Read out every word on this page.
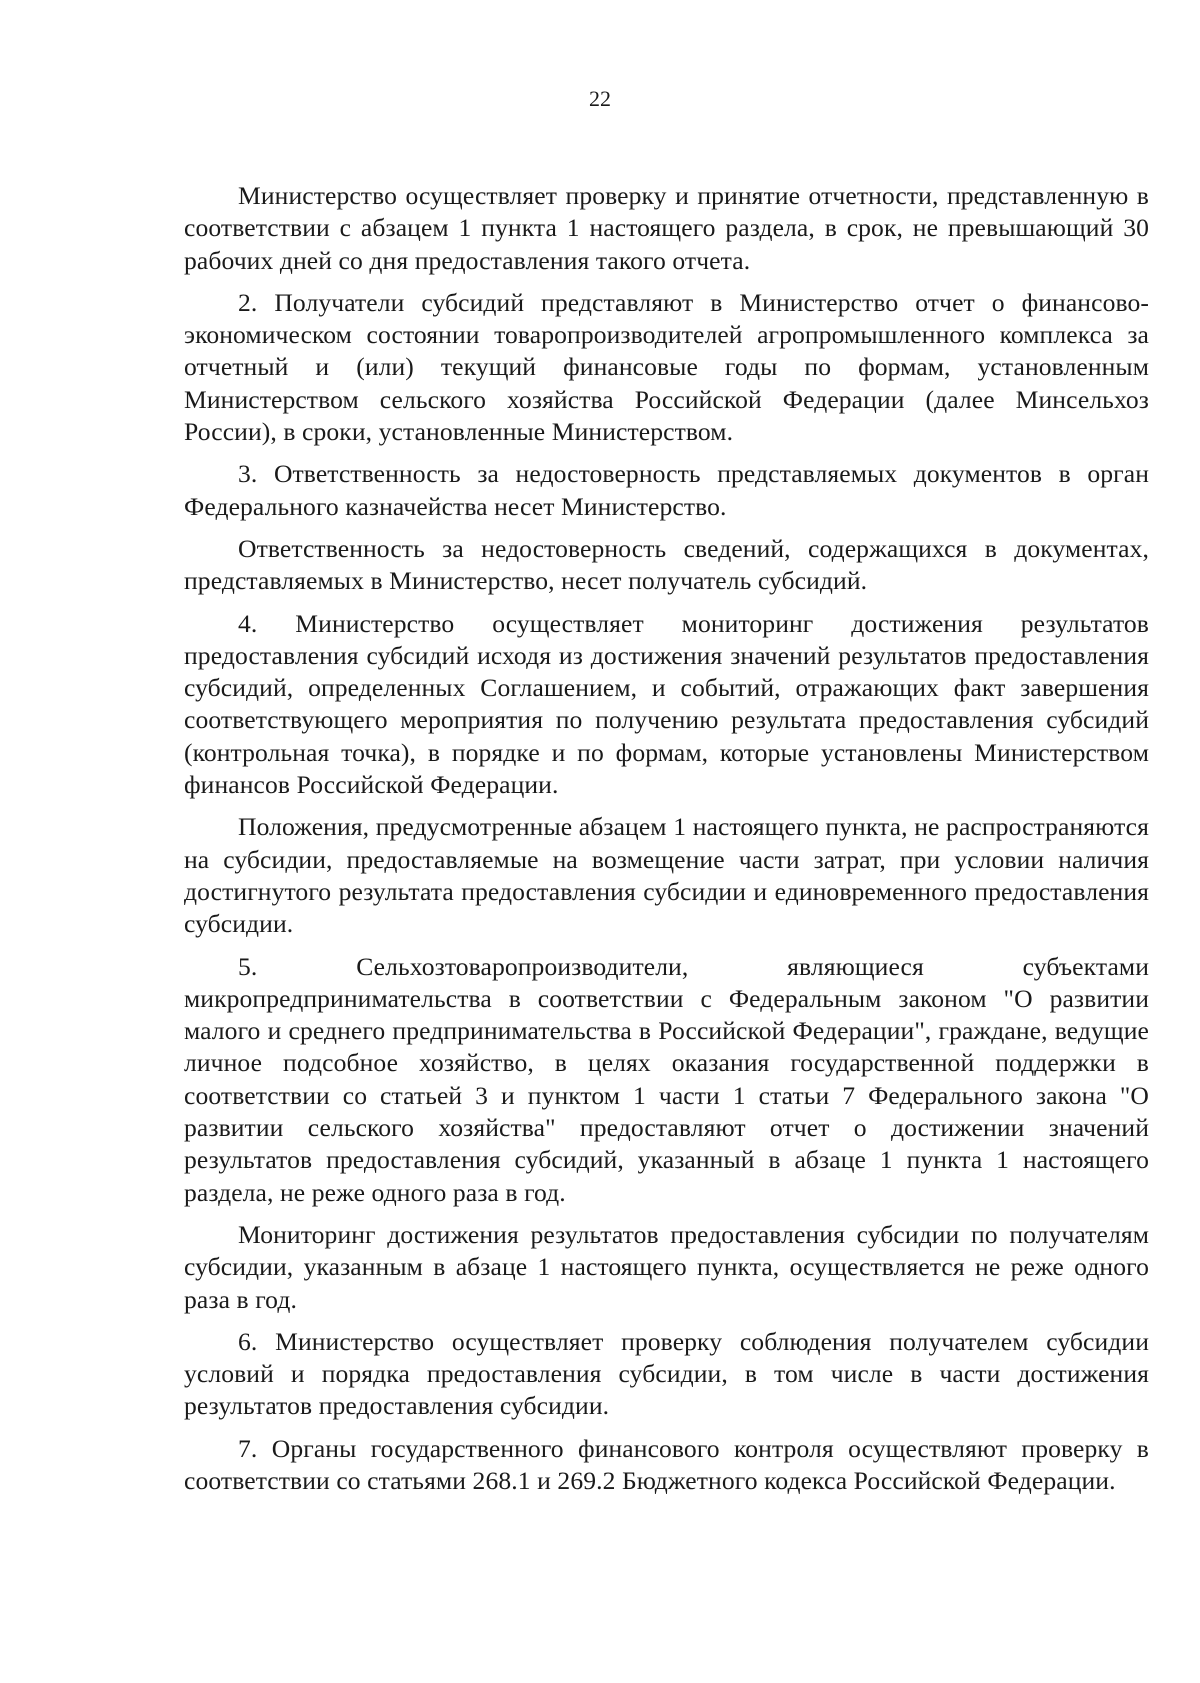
22

Министерство осуществляет проверку и принятие отчетности, представленную в соответствии с абзацем 1 пункта 1 настоящего раздела, в срок, не превышающий 30 рабочих дней со дня предоставления такого отчета.

2. Получатели субсидий представляют в Министерство отчет о финансово-экономическом состоянии товаропроизводителей агропромышленного комплекса за отчетный и (или) текущий финансовые годы по формам, установленным Министерством сельского хозяйства Российской Федерации (далее Минсельхоз России), в сроки, установленные Министерством.

3. Ответственность за недостоверность представляемых документов в орган Федерального казначейства несет Министерство.

Ответственность за недостоверность сведений, содержащихся в документах, представляемых в Министерство, несет получатель субсидий.

4. Министерство осуществляет мониторинг достижения результатов предоставления субсидий исходя из достижения значений результатов предоставления субсидий, определенных Соглашением, и событий, отражающих факт завершения соответствующего мероприятия по получению результата предоставления субсидий (контрольная точка), в порядке и по формам, которые установлены Министерством финансов Российской Федерации.

Положения, предусмотренные абзацем 1 настоящего пункта, не распространяются на субсидии, предоставляемые на возмещение части затрат, при условии наличия достигнутого результата предоставления субсидии и единовременного предоставления субсидии.

5. Сельхозтоваропроизводители, являющиеся субъектами микропредпринимательства в соответствии с Федеральным законом "О развитии малого и среднего предпринимательства в Российской Федерации", граждане, ведущие личное подсобное хозяйство, в целях оказания государственной поддержки в соответствии со статьей 3 и пунктом 1 части 1 статьи 7 Федерального закона "О развитии сельского хозяйства" предоставляют отчет о достижении значений результатов предоставления субсидий, указанный в абзаце 1 пункта 1 настоящего раздела, не реже одного раза в год.

Мониторинг достижения результатов предоставления субсидии по получателям субсидии, указанным в абзаце 1 настоящего пункта, осуществляется не реже одного раза в год.

6. Министерство осуществляет проверку соблюдения получателем субсидии условий и порядка предоставления субсидии, в том числе в части достижения результатов предоставления субсидии.

7. Органы государственного финансового контроля осуществляют проверку в соответствии со статьями 268.1 и 269.2 Бюджетного кодекса Российской Федерации.
